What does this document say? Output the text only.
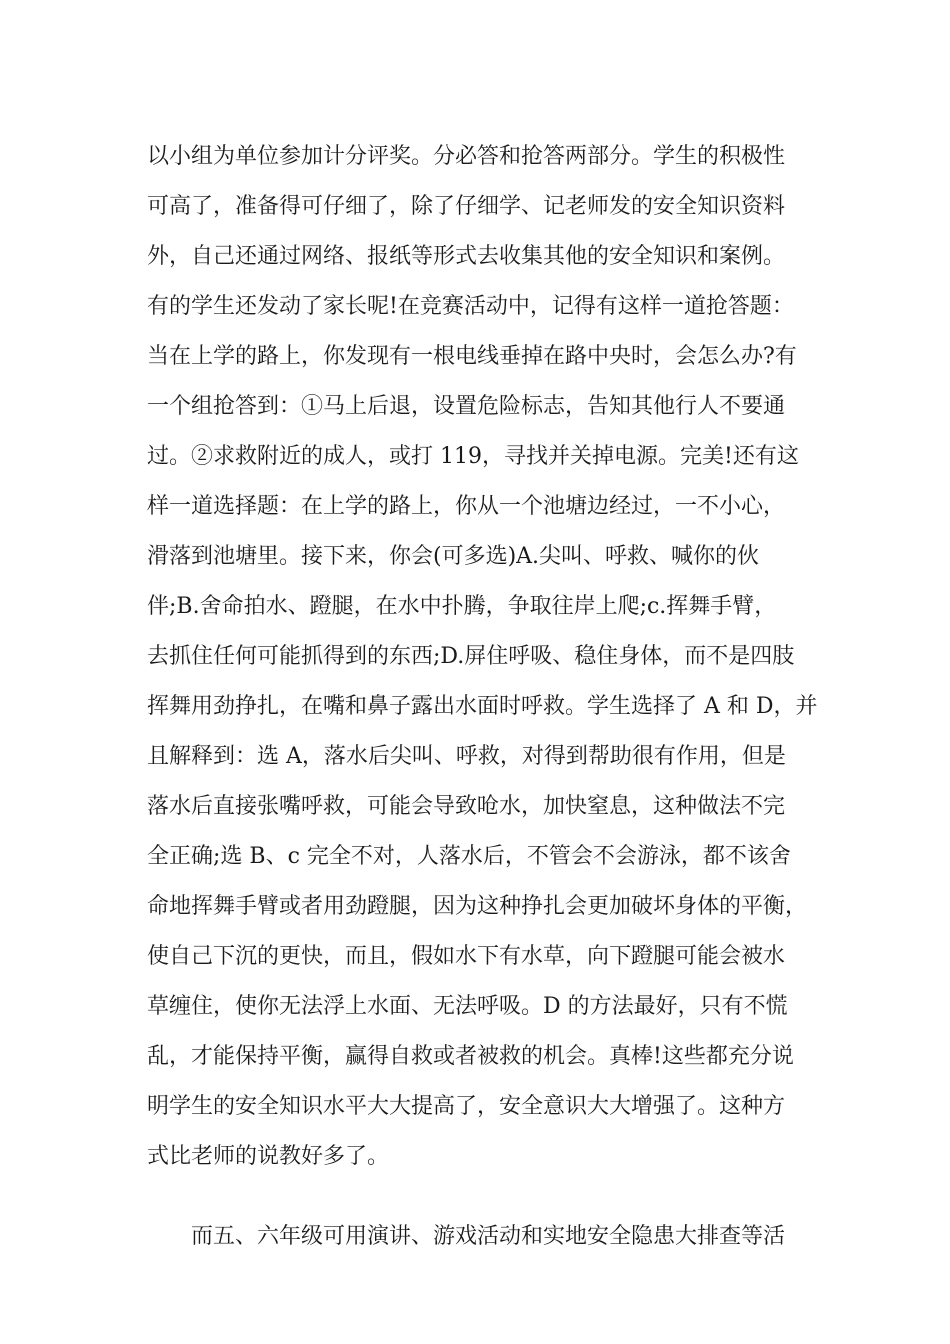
以小组为单位参加计分评奖。分必答和抢答两部分。学生的积极性
可高了，准备得可仔细了，除了仔细学、记老师发的安全知识资料
外，自己还通过网络、报纸等形式去收集其他的安全知识和案例。
有的学生还发动了家长呢!在竞赛活动中，记得有这样一道抢答题：
当在上学的路上，你发现有一根电线垂掉在路中央时，会怎么办?有
一个组抢答到：①马上后退，设置危险标志，告知其他行人不要通
过。②求救附近的成人，或打 119，寻找并关掉电源。完美!还有这
样一道选择题：在上学的路上，你从一个池塘边经过，一不小心，
滑落到池塘里。接下来，你会(可多选)A.尖叫、呼救、喊你的伙
伴;B.舍命拍水、蹬腿，在水中扑腾，争取往岸上爬;c.挥舞手臂，
去抓住任何可能抓得到的东西;D.屏住呼吸、稳住身体，而不是四肢
挥舞用劲挣扎，在嘴和鼻子露出水面时呼救。学生选择了 A 和 D，并
且解释到：选 A，落水后尖叫、呼救，对得到帮助很有作用，但是
落水后直接张嘴呼救，可能会导致呛水，加快窒息，这种做法不完
全正确;选 B、c 完全不对，人落水后，不管会不会游泳，都不该舍
命地挥舞手臂或者用劲蹬腿，因为这种挣扎会更加破坏身体的平衡，
使自己下沉的更快，而且，假如水下有水草，向下蹬腿可能会被水
草缠住，使你无法浮上水面、无法呼吸。D 的方法最好，只有不慌
乱，才能保持平衡，赢得自救或者被救的机会。真棒!这些都充分说
明学生的安全知识水平大大提高了，安全意识大大增强了。这种方
式比老师的说教好多了。
而五、六年级可用演讲、游戏活动和实地安全隐患大排查等活
